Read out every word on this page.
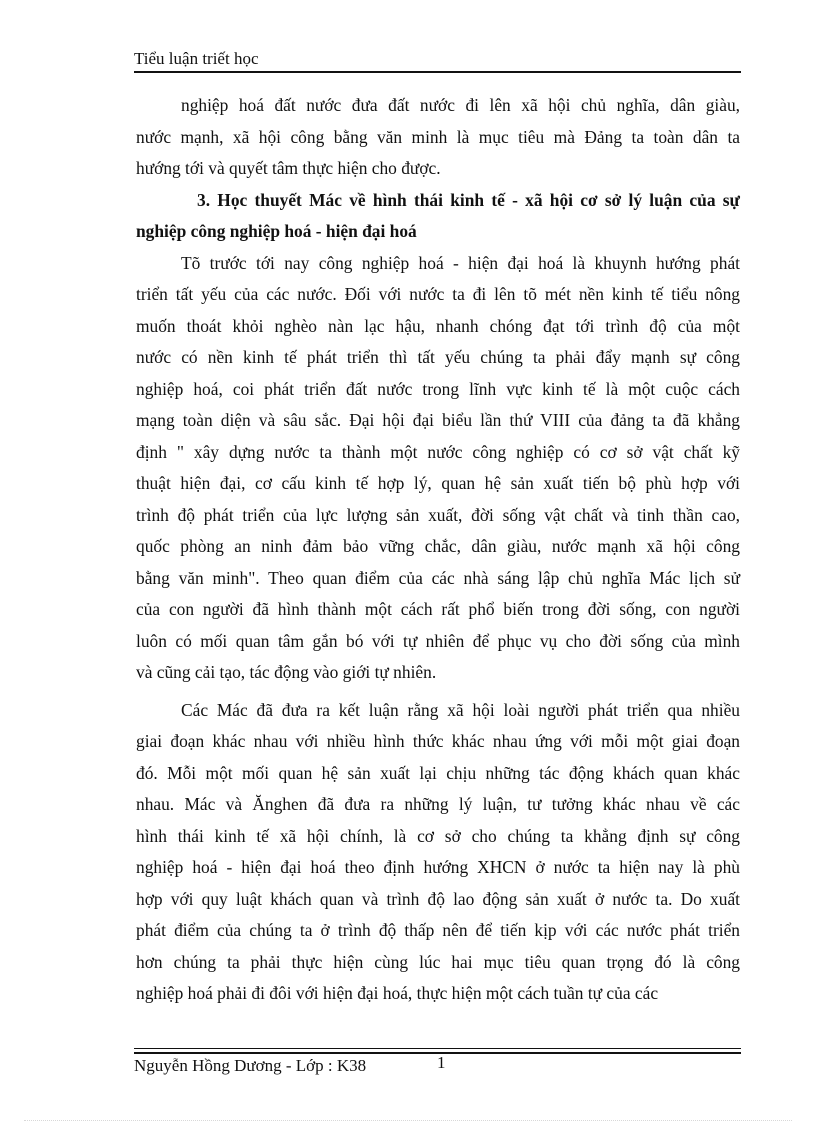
Tiểu luận triết học
nghiệp hoá đất nước đưa đất nước đi lên xã hội chủ nghĩa, dân giàu,
nước mạnh, xã hội công bằng văn minh là mục tiêu mà Đảng ta toàn dân ta
hướng tới và quyết tâm thực hiện cho được.
3. Học thuyết Mác về hình thái kinh tế - xã hội cơ sở lý luận của sự
nghiệp công nghiệp hoá - hiện đại hoá
Tõ trước tới nay công nghiệp hoá - hiện đại hoá là khuynh hướng phát
triển tất yếu của các nước. Đối với nước ta đi lên tõ mét nền kinh tế tiểu nông
muốn thoát khỏi nghèo nàn lạc hậu, nhanh chóng đạt tới trình độ của một
nước có nền kinh tế phát triển thì tất yếu chúng ta phải đẩy mạnh sự công
nghiệp hoá, coi phát triển đất nước trong lĩnh vực kinh tế là một cuộc cách
mạng toàn diện và sâu sắc. Đại hội đại biểu lần thứ VIII của đảng ta đã khẳng
định " xây dựng nước ta thành một nước công nghiệp có cơ sở vật chất kỹ
thuật hiện đại, cơ cấu kinh tế hợp lý, quan hệ sản xuất tiến bộ phù hợp với
trình độ phát triển của lực lượng sản xuất, đời sống vật chất và tinh thần cao,
quốc phòng an ninh đảm bảo vững chắc, dân giàu, nước mạnh xã hội công
bằng văn minh". Theo quan điểm của các nhà sáng lập chủ nghĩa Mác lịch sử
của con người đã hình thành một cách rất phổ biến trong đời sống, con người
luôn có mối quan tâm gắn bó với tự nhiên để phục vụ cho đời sống của mình
và cũng cải tạo, tác động vào giới tự nhiên.
Các Mác đã đưa ra kết luận rằng xã hội loài người phát triển qua nhiều
giai đoạn khác nhau với nhiều hình thức khác nhau ứng với mỗi một giai đoạn
đó. Mỗi một mối quan hệ sản xuất lại chịu những tác động khách quan khác
nhau. Mác và Ănghen đã đưa ra những lý luận, tư tưởng khác nhau về các
hình thái kinh tế xã hội chính, là cơ sở cho chúng ta khẳng định sự công
nghiệp hoá - hiện đại hoá theo định hướng XHCN ở nước ta hiện nay là phù
hợp với quy luật khách quan và trình độ lao động sản xuất ở nước ta. Do xuất
phát điểm của chúng ta ở trình độ thấp nên để tiến kịp với các nước phát triển
hơn chúng ta phải thực hiện cùng lúc hai mục tiêu quan trọng đó là công
nghiệp hoá phải đi đôi với hiện đại hoá, thực hiện một cách tuần tự của các
Nguyễn Hồng Dương - Lớp : K38	1
